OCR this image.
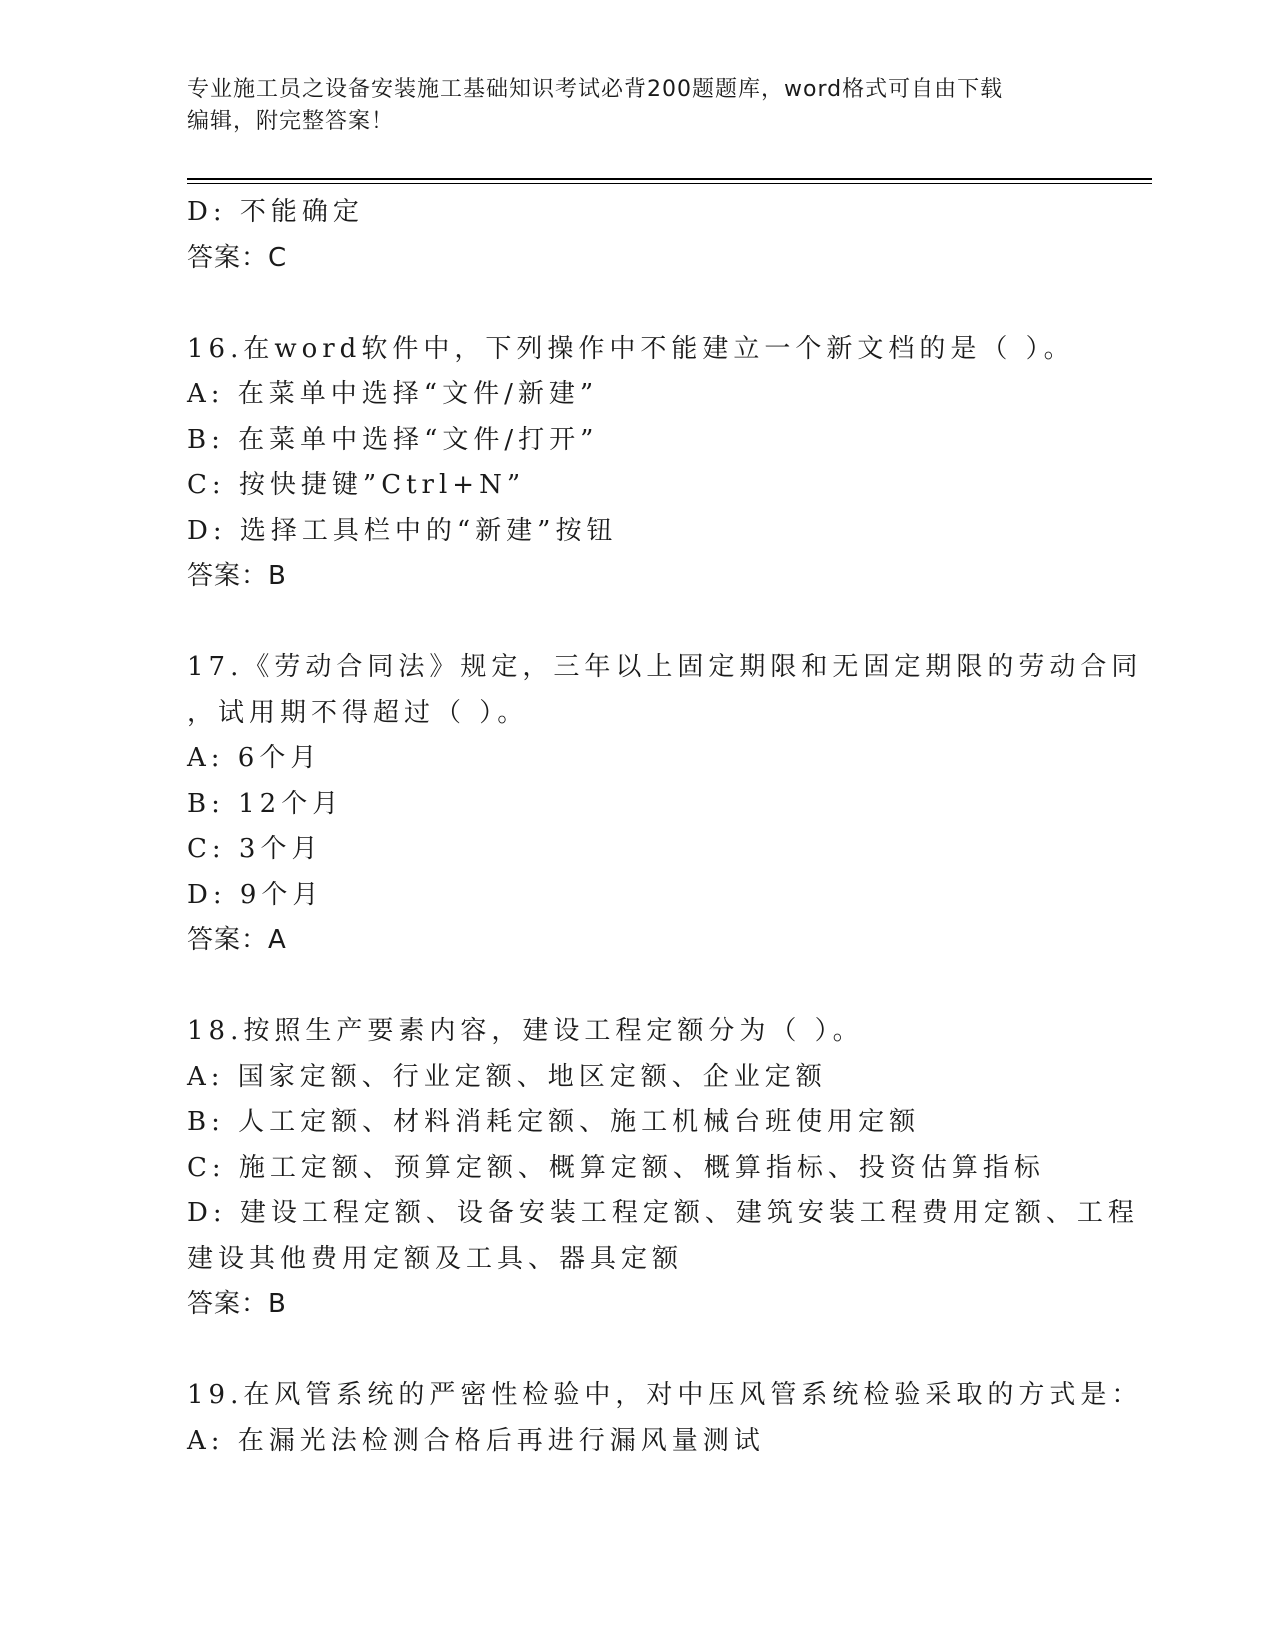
专业施工员之设备安装施工基础知识考试必背200题题库，word格式可自由下载
编辑，附完整答案！
D: 不能确定
答案：C
16.在word软件中，下列操作中不能建立一个新文档的是（ ）。
A: 在菜单中选择“文件/新建”
B: 在菜单中选择“文件/打开”
C: 按快捷键”Ctrl+N”
D: 选择工具栏中的“新建”按钮
答案：B
17.《劳动合同法》规定，三年以上固定期限和无固定期限的劳动合同
，试用期不得超过（ ）。
A: 6个月
B: 12个月
C: 3个月
D: 9个月
答案：A
18.按照生产要素内容，建设工程定额分为（ ）。
A: 国家定额、行业定额、地区定额、企业定额
B: 人工定额、材料消耗定额、施工机械台班使用定额
C: 施工定额、预算定额、概算定额、概算指标、投资估算指标
D: 建设工程定额、设备安装工程定额、建筑安装工程费用定额、工程
建设其他费用定额及工具、器具定额
答案：B
19.在风管系统的严密性检验中，对中压风管系统检验采取的方式是：
A: 在漏光法检测合格后再进行漏风量测试
